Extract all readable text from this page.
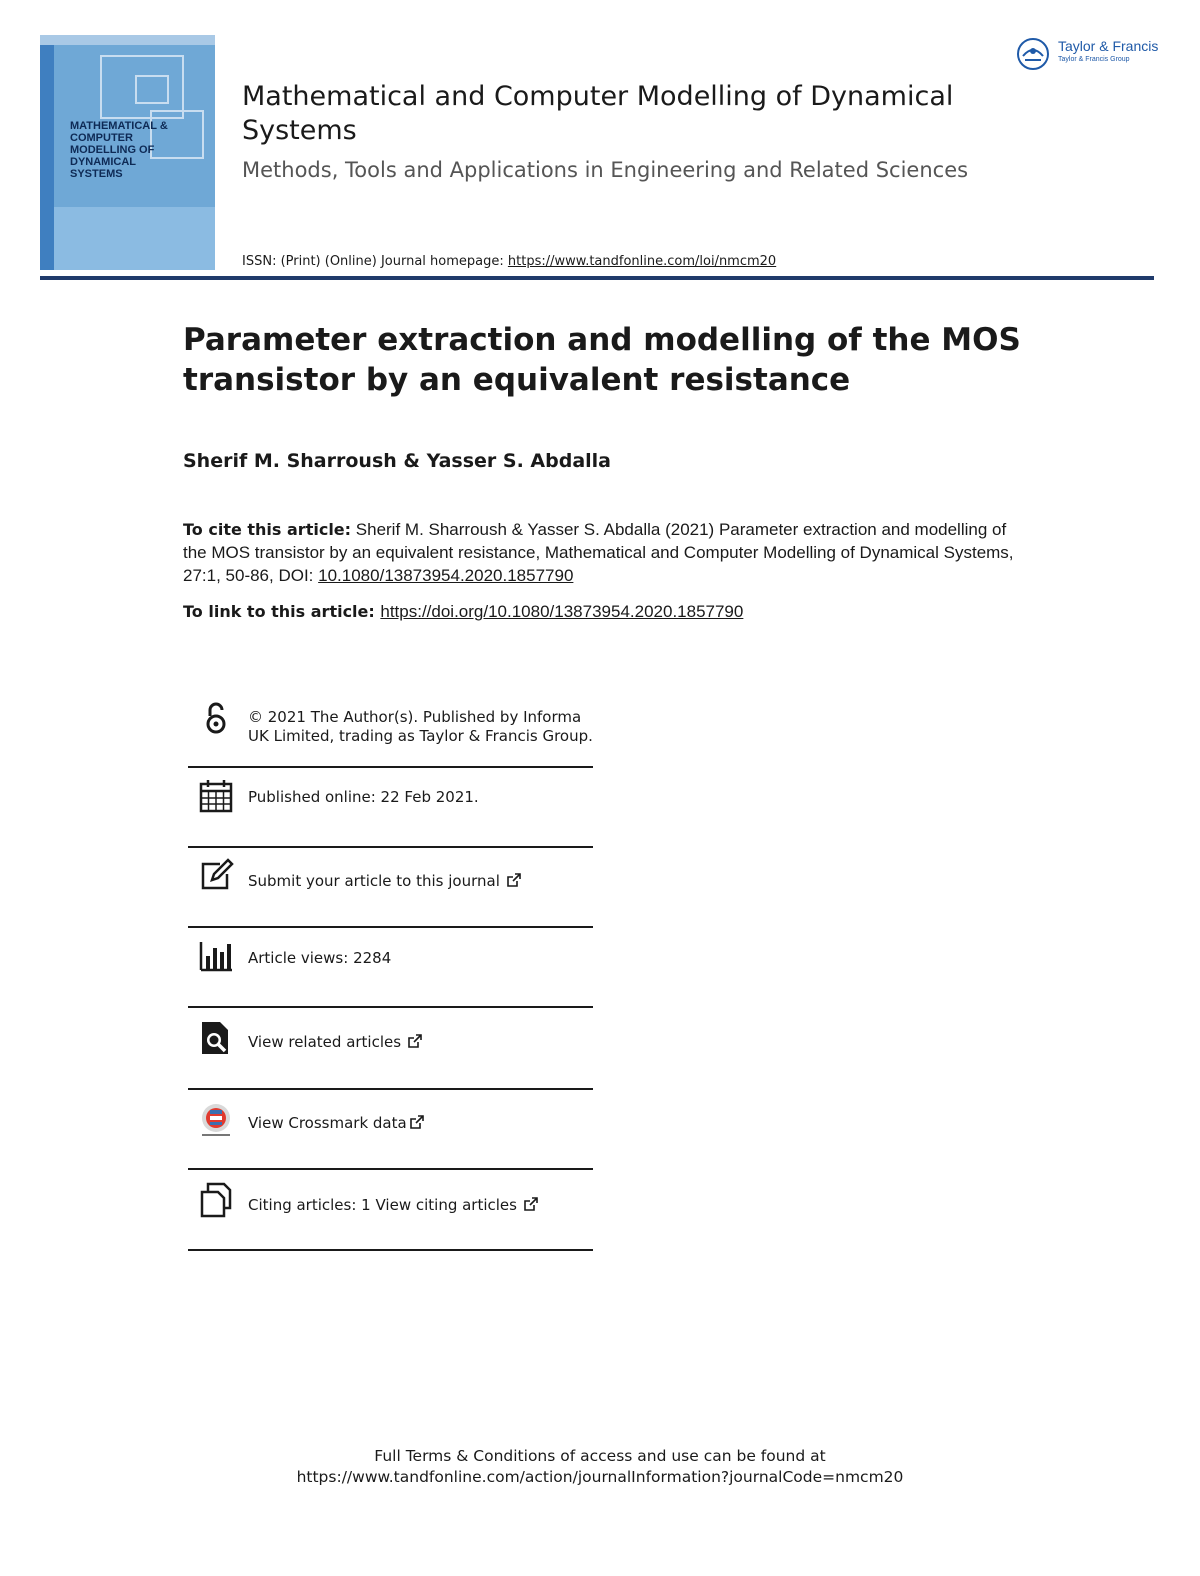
MATHEMATICAL &
COMPUTER
MODELLING OF
DYNAMICAL
SYSTEMS
Taylor & Francis
Taylor & Francis Group
Mathematical and Computer Modelling of Dynamical Systems
Methods, Tools and Applications in Engineering and Related Sciences
ISSN: (Print) (Online) Journal homepage: https://www.tandfonline.com/loi/nmcm20
Parameter extraction and modelling of the MOS transistor by an equivalent resistance
Sherif M. Sharroush & Yasser S. Abdalla
To cite this article: Sherif M. Sharroush & Yasser S. Abdalla (2021) Parameter extraction and modelling of the MOS transistor by an equivalent resistance, Mathematical and Computer Modelling of Dynamical Systems, 27:1, 50-86, DOI: 10.1080/13873954.2020.1857790
To link to this article: https://doi.org/10.1080/13873954.2020.1857790
© 2021 The Author(s). Published by Informa UK Limited, trading as Taylor & Francis Group.
Published online: 22 Feb 2021.
Submit your article to this journal
Article views: 2284
View related articles
View Crossmark data
Citing articles: 1 View citing articles
Full Terms & Conditions of access and use can be found at
https://www.tandfonline.com/action/journalInformation?journalCode=nmcm20
